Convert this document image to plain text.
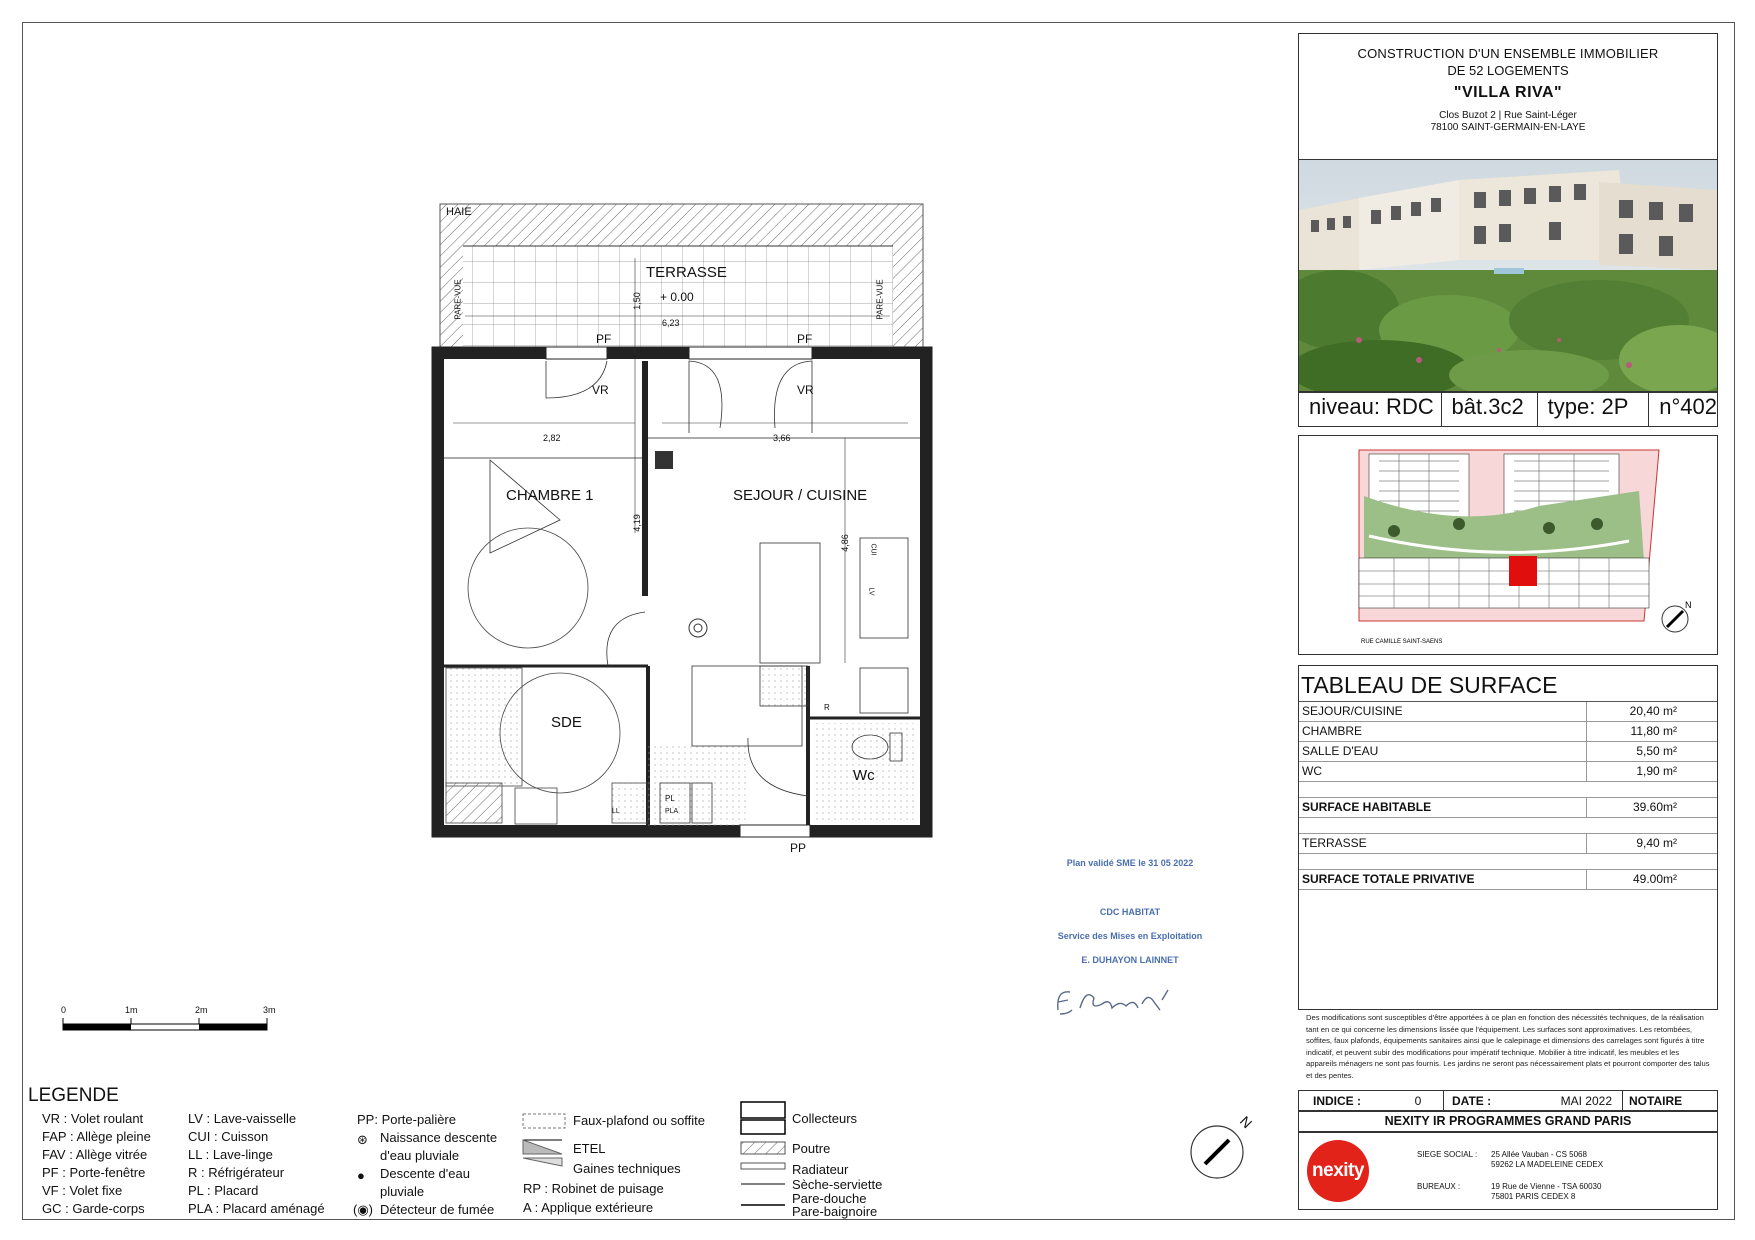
CONSTRUCTION D'UN ENSEMBLE IMMOBILIER
DE 52 LOGEMENTS
"VILLA RIVA"
Clos Buzot 2 | Rue Saint-Léger
78100 SAINT-GERMAIN-EN-LAYE
niveau: RDC bât.3c2	type: 2P	n°402
RUE CAMILLE SAINT-SAENS
N
TABLEAU DE SURFACE
SEJOUR/CUISINE	20,40 m²
CHAMBRE	11,80 m²
SALLE D'EAU	5,50 m²
WC	1,90 m²
SURFACE HABITABLE	39.60m²
TERRASSE	9,40 m²
SURFACE TOTALE PRIVATIVE	49.00m²
Des modifications sont susceptibles d'être apportées à ce plan en fonction des nécessités techniques, de la réalisation tant en ce qui concerne les dimensions lissée que l'équipement. Les surfaces sont approximatives. Les retombées, soffites, faux plafonds, équipements sanitaires ainsi que le calepinage et dimensions des carrelages sont figurés à titre indicatif, et peuvent subir des modifications pour impératif technique. Mobilier à titre indicatif, les meubles et les appareils ménagers ne sont pas fournis. Les jardins ne seront pas nécessairement plats et pourront comporter des talus et des pentes.
INDICE :	0	DATE :	MAI 2022	NOTAIRE
NEXITY IR PROGRAMMES GRAND PARIS
nexity
SIEGE SOCIAL : 25 Allée Vauban - CS 5068
59262 LA MADELEINE CEDEX
BUREAUX :	19 Rue de Vienne - TSA 60030
75801 PARIS CEDEX 8
HAIE
TERRASSE
+ 0.00
6,23
1,50
PARE-VUE	PARE-VUE
PF	PF
VR	VR
2,82	3,66
4,19
4,86
CHAMBRE 1	SEJOUR / CUISINE
SDE
Wc
CUI
LV
R
LL
PL
PLA
PP
Plan validé SME le 31 05 2022
CDC HABITAT
Service des Mises en Exploitation
E. DUHAYON LAINNET
0	1m	2m	3m
LEGENDE
VR : Volet roulant
FAP : Allège pleine
FAV : Allège vitrée
PF : Porte-fenêtre
VF : Volet fixe
GC : Garde-corps
LV : Lave-vaisselle
CUI : Cuisson
LL : Lave-linge
R : Réfrigérateur
PL : Placard
PLA : Placard aménagé
PP: Porte-palière
⊛ Naissance descente
d'eau pluviale
● Descente d'eau
pluviale
(◉) Détecteur de fumée
Faux-plafond ou soffite
ETEL
Gaines techniques
RP : Robinet de puisage
A : Applique extérieure
Collecteurs
Poutre
Radiateur
Sèche-serviette
Pare-douche
Pare-baignoire
N
